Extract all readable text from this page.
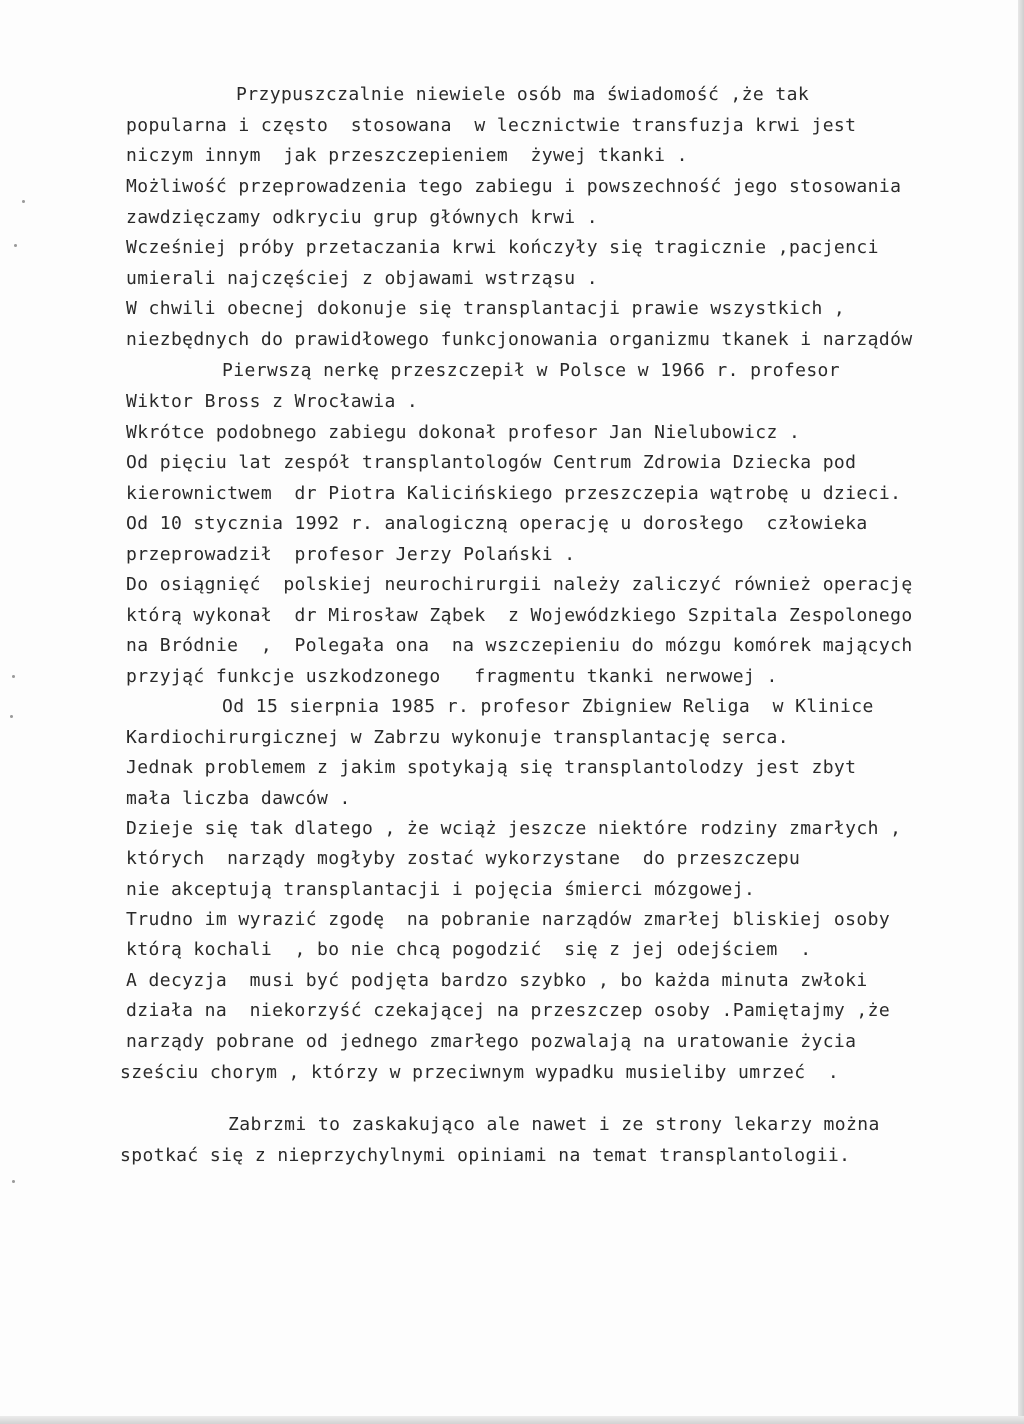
Przypuszczalnie niewiele osób ma świadomość ,że tak
popularna i często  stosowana  w lecznictwie transfuzja krwi jest
niczym innym  jak przeszczepieniem  żywej tkanki .
Możliwość przeprowadzenia tego zabiegu i powszechność jego stosowania
zawdzięczamy odkryciu grup głównych krwi .
Wcześniej próby przetaczania krwi kończyły się tragicznie ,pacjenci
umierali najczęściej z objawami wstrząsu .
W chwili obecnej dokonuje się transplantacji prawie wszystkich ,
niezbędnych do prawidłowego funkcjonowania organizmu tkanek i narządów
Pierwszą nerkę przeszczepił w Polsce w 1966 r. profesor
Wiktor Bross z Wrocławia .
Wkrótce podobnego zabiegu dokonał profesor Jan Nielubowicz .
Od pięciu lat zespół transplantologów Centrum Zdrowia Dziecka pod
kierownictwem  dr Piotra Kalicińskiego przeszczepia wątrobę u dzieci.
Od 10 stycznia 1992 r. analogiczną operację u dorosłego  człowieka
przeprowadził  profesor Jerzy Polański .
Do osiągnięć  polskiej neurochirurgii należy zaliczyć również operację
którą wykonał  dr Mirosław Ząbek  z Wojewódzkiego Szpitala Zespolonego
na Bródnie  ,  Polegała ona  na wszczepieniu do mózgu komórek mających
przyjąć funkcje uszkodzonego   fragmentu tkanki nerwowej .
Od 15 sierpnia 1985 r. profesor Zbigniew Religa  w Klinice
Kardiochirurgicznej w Zabrzu wykonuje transplantację serca.
Jednak problemem z jakim spotykają się transplantolodzy jest zbyt
mała liczba dawców .
Dzieje się tak dlatego , że wciąż jeszcze niektóre rodziny zmarłych ,
których  narządy mogłyby zostać wykorzystane  do przeszczepu
nie akceptują transplantacji i pojęcia śmierci mózgowej.
Trudno im wyrazić zgodę  na pobranie narządów zmarłej bliskiej osoby
którą kochali  , bo nie chcą pogodzić  się z jej odejściem  .
A decyzja  musi być podjęta bardzo szybko , bo każda minuta zwłoki
działa na  niekorzyść czekającej na przeszczep osoby .Pamiętajmy ,że
narządy pobrane od jednego zmarłego pozwalają na uratowanie życia
sześciu chorym , którzy w przeciwnym wypadku musieliby umrzeć  .
Zabrzmi to zaskakująco ale nawet i ze strony lekarzy można
spotkać się z nieprzychylnymi opiniami na temat transplantologii.
